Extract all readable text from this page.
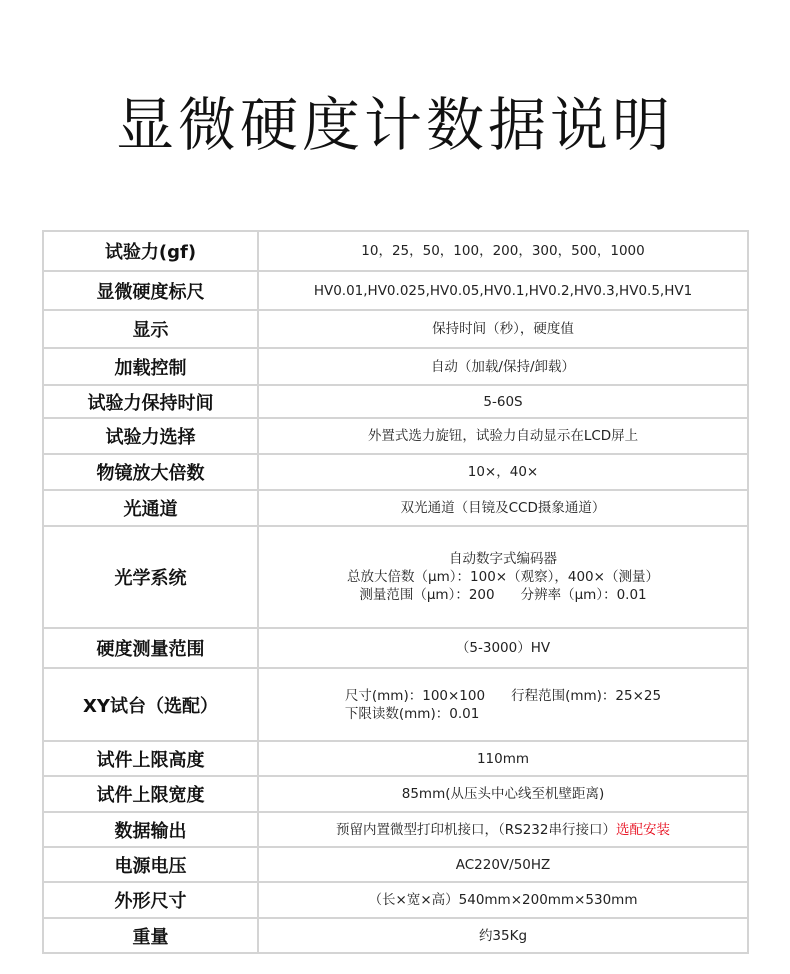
显微硬度计数据说明
试验力(gf)	10，25，50，100，200，300，500，1000
显微硬度标尺	HV0.01,HV0.025,HV0.05,HV0.1,HV0.2,HV0.3,HV0.5,HV1
显示	保持时间（秒），硬度值
加载控制	自动（加载/保持/卸载）
试验力保持时间	5-60S
试验力选择	外置式选力旋钮，试验力自动显示在LCD屏上
物镜放大倍数	10×，40×
光通道	双光通道（目镜及CCD摄象通道）
光学系统	自动数字式编码器
总放大倍数（μm）：100×（观察），400×（测量）
测量范围（μm）：200 分辨率（μm）：0.01

硬度测量范围	（5-3000）HV
XY试台（选配）	尺寸(mm)：100×100 行程范围(mm)：25×25
下限读数(mm)：0.01

试件上限高度	110mm
试件上限宽度	85mm(从压头中心线至机壁距离)
数据输出	预留内置微型打印机接口，（RS232串行接口）选配安装
电源电压	AC220V/50HZ
外形尺寸	（长×宽×高）540mm×200mm×530mm
重量	约35Kg
